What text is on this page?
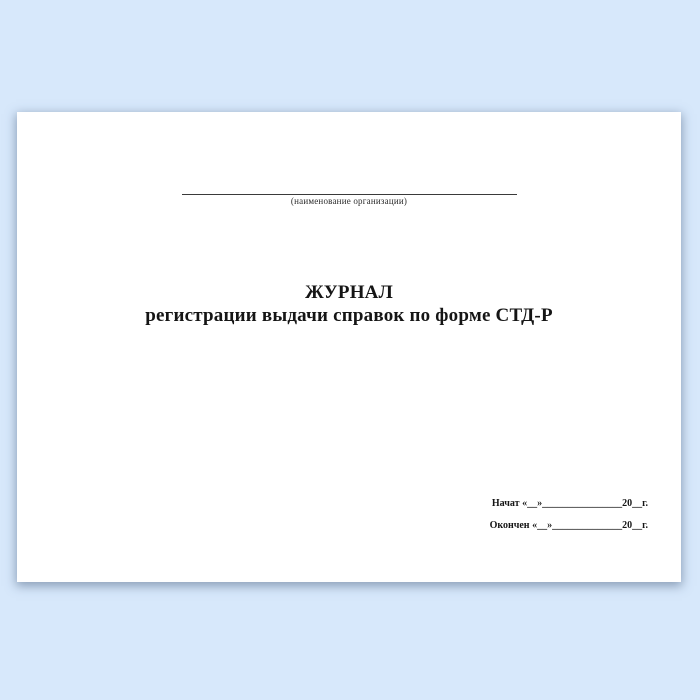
(наименование организации)
ЖУРНАЛ
регистрации выдачи справок по форме СТД-Р
Начат «__»________________20__г.
Окончен «__»______________20__г.
